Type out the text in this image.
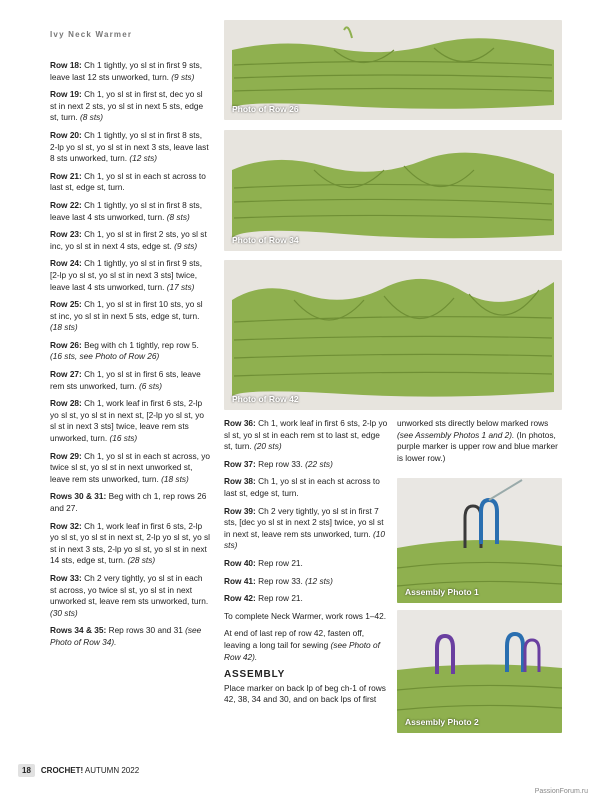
Ivy Neck Warmer

Row 18: Ch 1 tightly, yo sl st in first 9 sts, leave last 12 sts unworked, turn. (9 sts)

Row 19: Ch 1, yo sl st in first st, dec yo sl st in next 2 sts, yo sl st in next 5 sts, edge st, turn. (8 sts)

Row 20: Ch 1 tightly, yo sl st in first 8 sts, 2-lp yo sl st, yo sl st in next 3 sts, leave last 8 sts unworked, turn. (12 sts)

Row 21: Ch 1, yo sl st in each st across to last st, edge st, turn.

Row 22: Ch 1 tightly, yo sl st in first 8 sts, leave last 4 sts unworked, turn. (8 sts)

Row 23: Ch 1, yo sl st in first 2 sts, yo sl st inc, yo sl st in next 4 sts, edge st. (9 sts)

Row 24: Ch 1 tightly, yo sl st in first 9 sts, [2-lp yo sl st, yo sl st in next 3 sts] twice, leave last 4 sts unworked, turn. (17 sts)

Row 25: Ch 1, yo sl st in first 10 sts, yo sl st inc, yo sl st in next 5 sts, edge st, turn. (18 sts)

Row 26: Beg with ch 1 tightly, rep row 5. (16 sts, see Photo of Row 26)

Row 27: Ch 1, yo sl st in first 6 sts, leave rem sts unworked, turn. (6 sts)

Row 28: Ch 1, work leaf in first 6 sts, 2-lp yo sl st, yo sl st in next st, [2-lp yo sl st, yo sl st in next 3 sts] twice, leave rem sts unworked, turn. (16 sts)

Row 29: Ch 1, yo sl st in each st across, yo twice sl st, yo sl st in next unworked st, leave rem sts unworked, turn. (18 sts)

Rows 30 & 31: Beg with ch 1, rep rows 26 and 27.

Row 32: Ch 1, work leaf in first 6 sts, 2-lp yo sl st, yo sl st in next st, 2-lp yo sl st, yo sl st in next 3 sts, 2-lp yo sl st, yo sl st in next 14 sts, edge st, turn. (28 sts)

Row 33: Ch 2 very tightly, yo sl st in each st across, yo twice sl st, yo sl st in next unworked st, leave rem sts unworked, turn. (30 sts)

Rows 34 & 35: Rep rows 30 and 31 (see Photo of Row 34).

Photo of Row 26
Photo of Row 34
Photo of Row 42

Row 36: Ch 1, work leaf in first 6 sts, 2-lp yo sl st, yo sl st in each rem st to last st, edge st, turn. (20 sts)

Row 37: Rep row 33. (22 sts)

Row 38: Ch 1, yo sl st in each st across to last st, edge st, turn.

Row 39: Ch 2 very tightly, yo sl st in first 7 sts, [dec yo sl st in next 2 sts] twice, yo sl st in next st, leave rem sts unworked, turn. (10 sts)

Row 40: Rep row 21.

Row 41: Rep row 33. (12 sts)

Row 42: Rep row 21.

To complete Neck Warmer, work rows 1–42.

At end of last rep of row 42, fasten off, leaving a long tail for sewing (see Photo of Row 42).

ASSEMBLY

Place marker on back lp of beg ch-1 of rows 42, 38, 34 and 30, and on back lps of first

unworked sts directly below marked rows (see Assembly Photos 1 and 2). (In photos, purple marker is upper row and blue marker is lower row.)

Assembly Photo 1
Assembly Photo 2
18	CROCHET! AUTUMN 2022
PassionForum.ru
